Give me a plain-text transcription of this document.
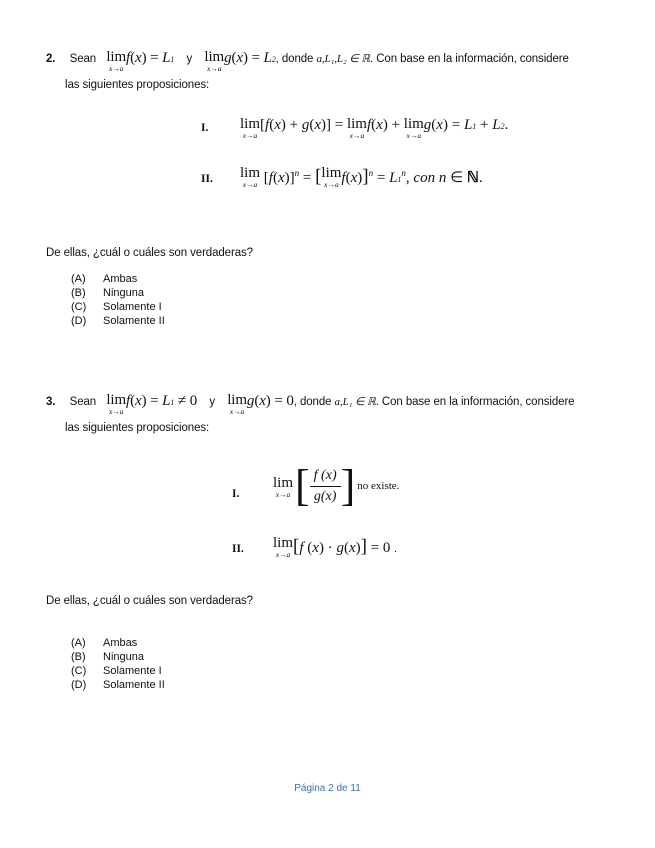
2. Sean lim
x→a
f(x) = L1 y lim
x→a
g(x) = L2, donde a,L₁,L₂ ∈ ℝ. Con base en la información, considere
las siguientes proposiciones:
I. lim
x→a
[f(x) + g(x)] = lim
x→a
f(x) + lim
x→a
g(x) = L1 + L2.
II. lim
x→a $[f(x)]^n$ = [ lim
x→a $f(x)]^n = L1^n$, con n ∈ ℕ.
De ellas, ¿cuál o cuáles son verdaderas?
(A) Ambas
(B) Ninguna
(C) Solamente I
(D) Solamente II
3. Sean lim
x→a
f(x) = L1 ≠ 0 y lim
x→a
g(x) = 0, donde a,L₁ ∈ ℝ. Con base en la información, considere
las siguientes proposiciones:
I.
lim
x→a [ $\frac{f (x)}{g(x)}$ ] no existe.
II. lim
x→a [f (x) · g(x)] = 0 .
De ellas, ¿cuál o cuáles son verdaderas?
(A) Ambas
(B) Ninguna
(C) Solamente I
(D) Solamente II
Página 2 de 11
